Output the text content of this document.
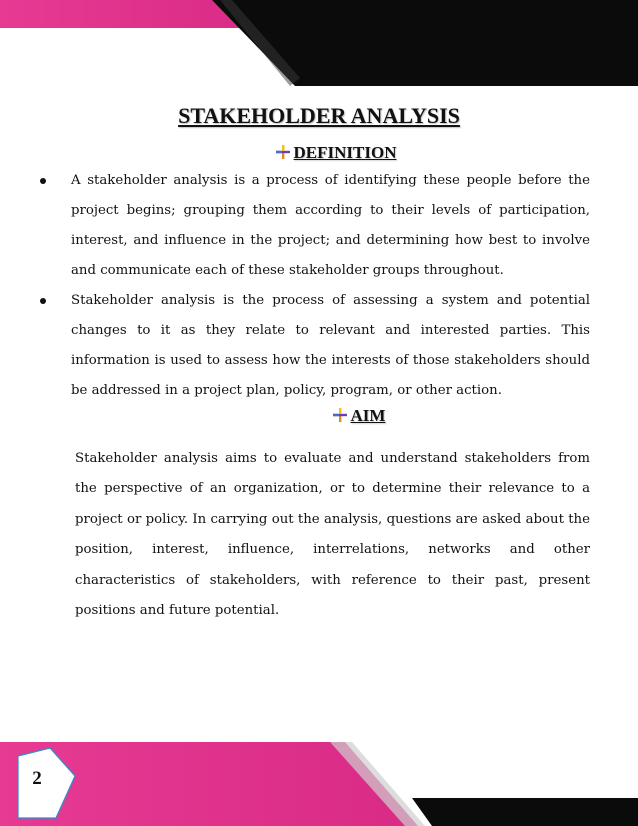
STAKEHOLDER ANALYSIS
DEFINITION
A stakeholder analysis is a process of identifying these people before the project begins; grouping them according to their levels of participation, interest, and influence in the project; and determining how best to involve and communicate each of these stakeholder groups throughout.
Stakeholder analysis is the process of assessing a system and potential changes to it as they relate to relevant and interested parties. This information is used to assess how the interests of those stakeholders should be addressed in a project plan, policy, program, or other action.
AIM

Stakeholder analysis aims to evaluate and understand stakeholders from the perspective of an organization, or to determine their relevance to a project or policy. In carrying out the analysis, questions are asked about the position, interest, influence, interrelations, networks and other characteristics of stakeholders, with reference to their past, present positions and future potential.

2
